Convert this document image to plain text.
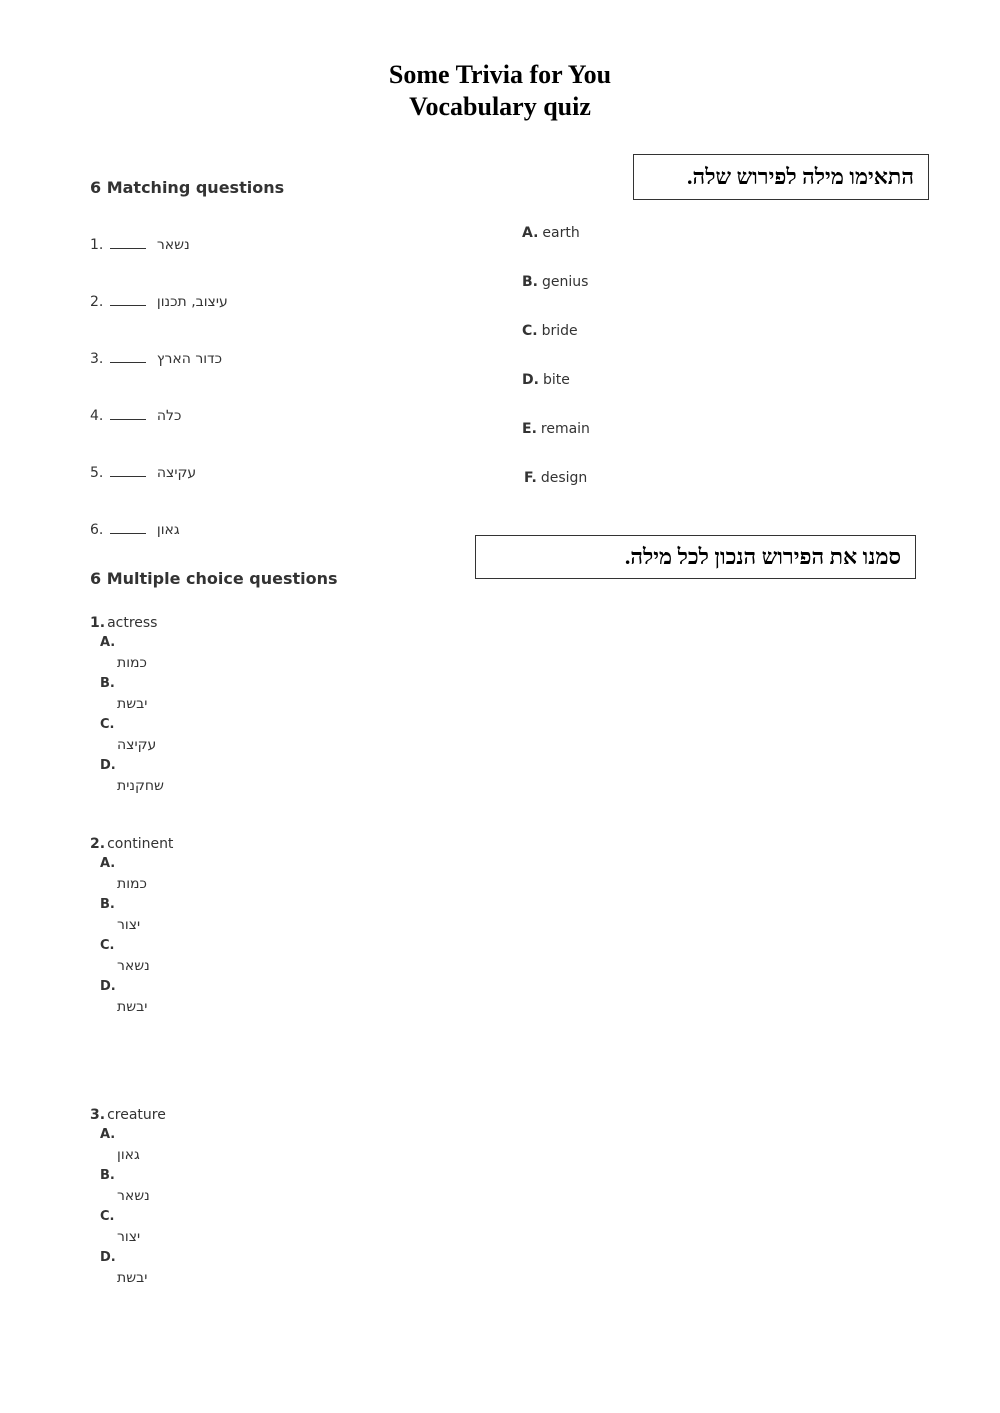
Some Trivia for You
Vocabulary quiz
התאימו מילה לפירוש שלה.
סמנו את הפירוש הנכון לכל מילה.
6 Matching questions
1.	נשאר
2.	עיצוב, תכנון
3.	כדור הארץ
4.	כלה
5.	עקיצה
6.	גאון
A. earth
B. genius
C. bride
D. bite
E. remain
F. design
6 Multiple choice questions
1. actress
A.
כמות
B.
יבשת
C.
עקיצה
D.
שחקנית
2. continent
A.
כמות
B.
יצור
C.
נשאר
D.
יבשת
3. creature
A.
גאון
B.
נשאר
C.
יצור
D.
יבשת
